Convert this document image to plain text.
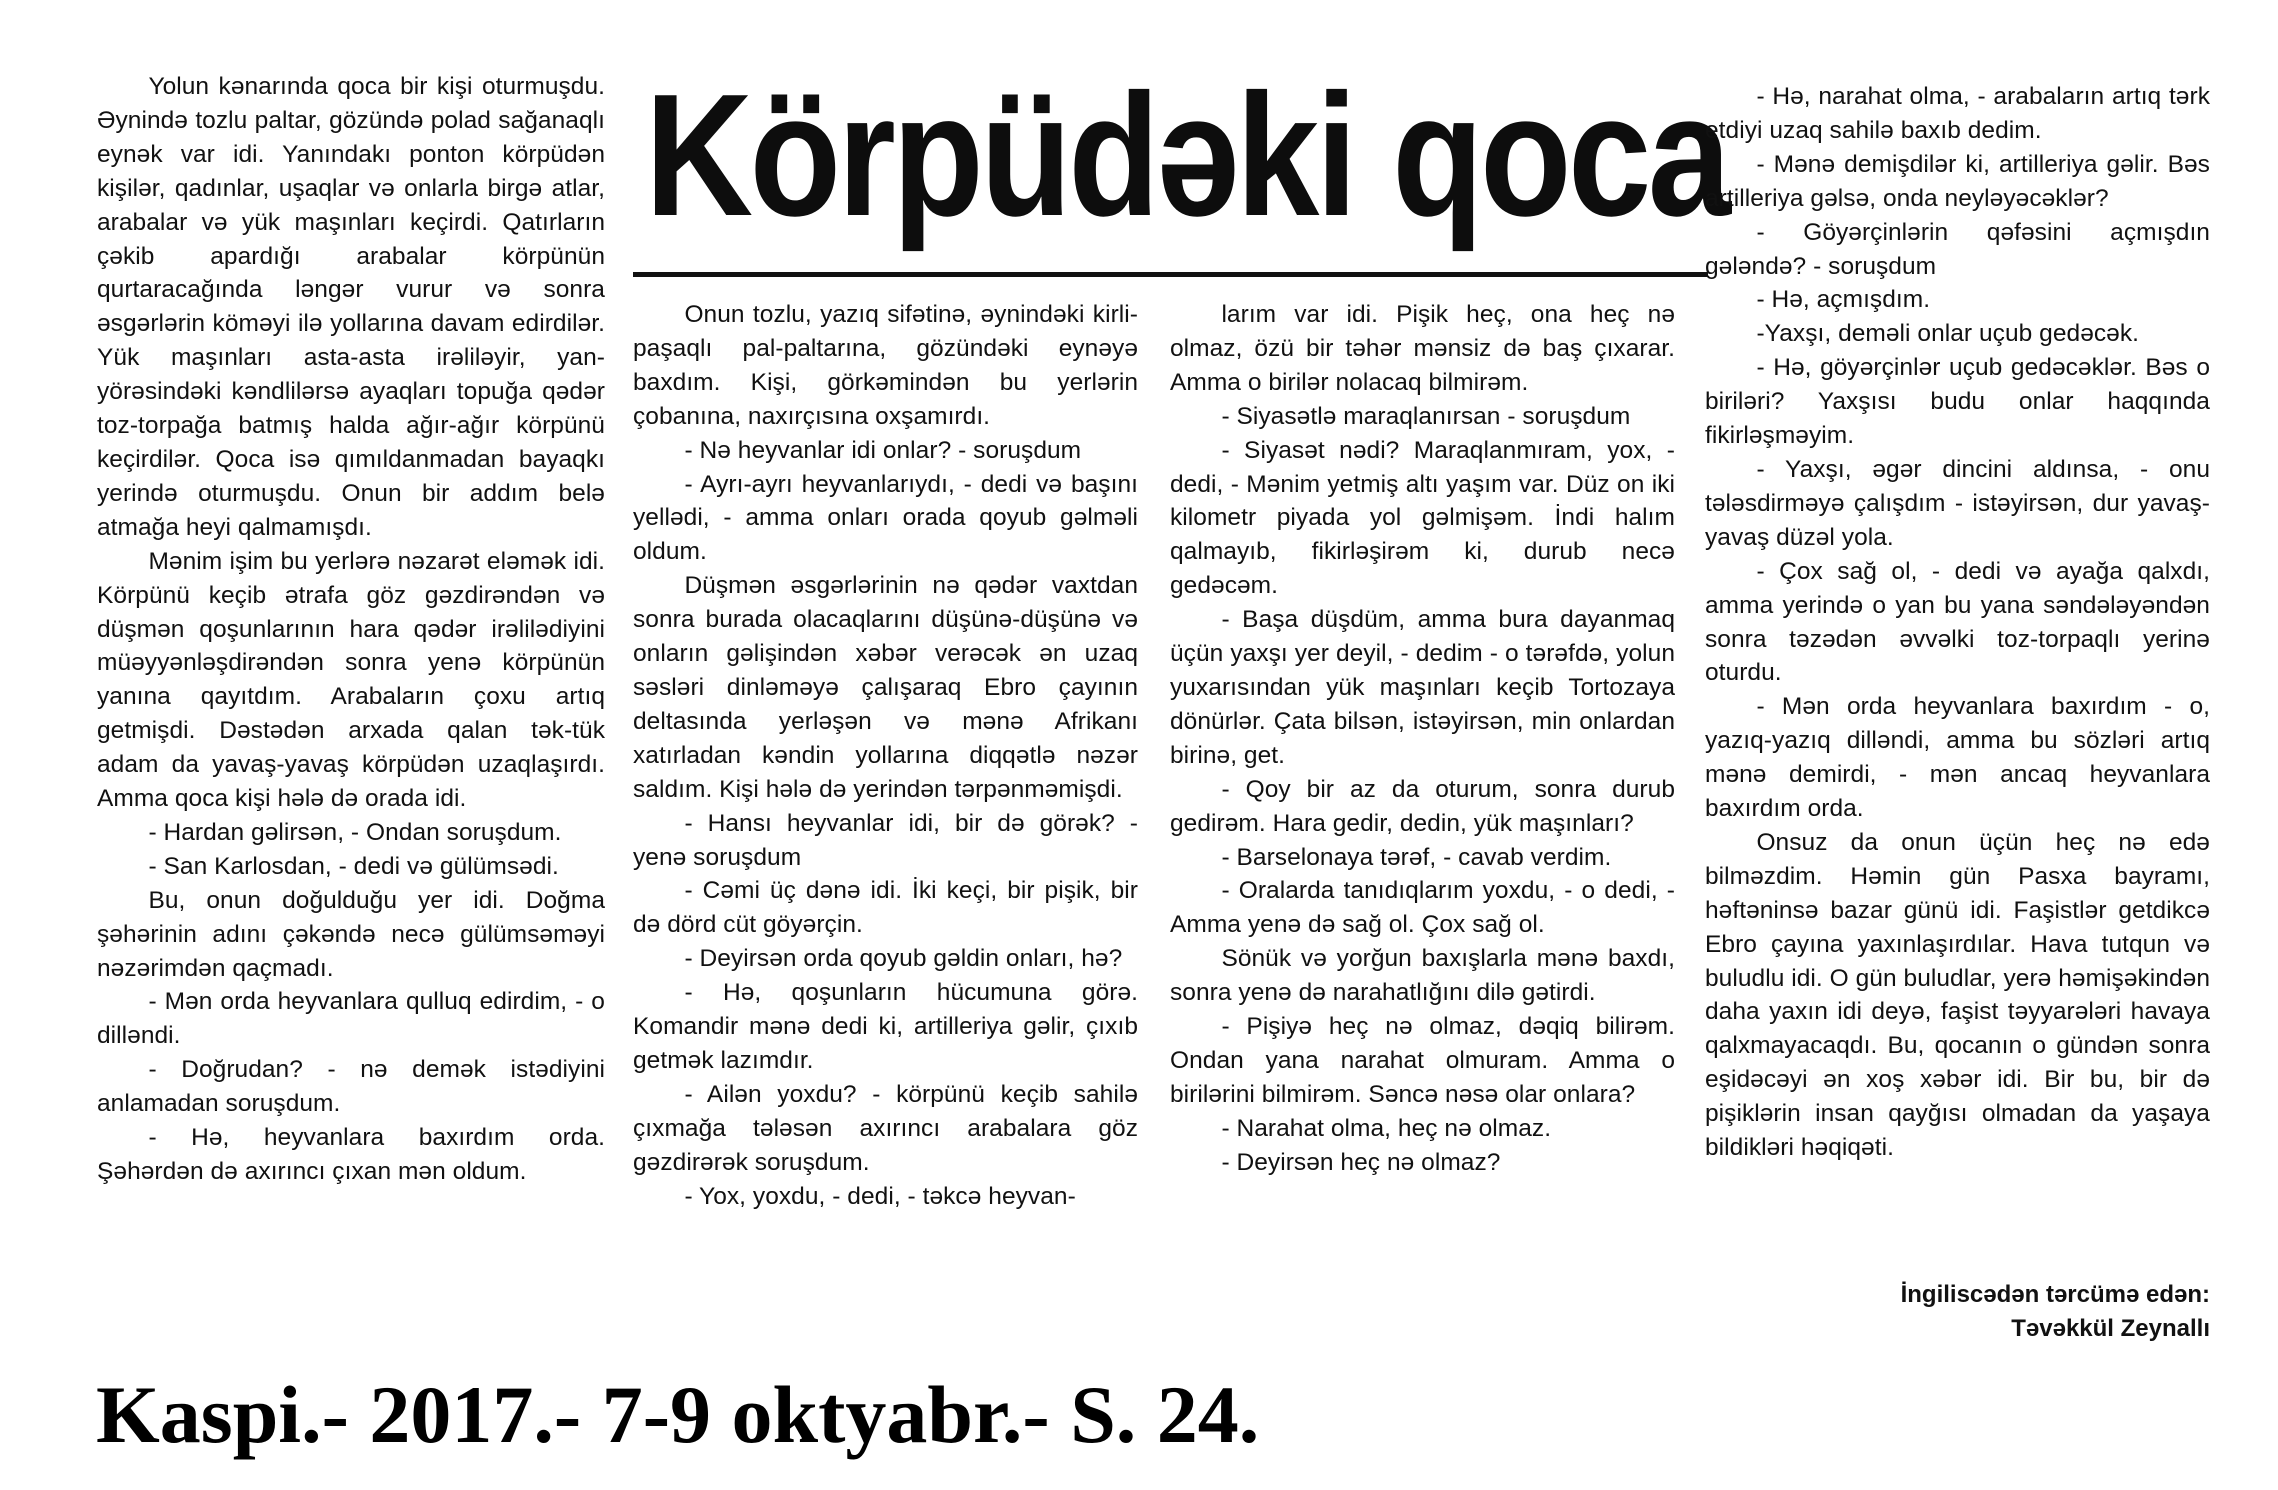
Körpüdəki qoca

Yolun kənarında qoca bir kişi oturmuşdu. Əynində tozlu paltar, gözündə polad sağanaqlı eynək var idi. Yanındakı ponton körpüdən kişilər, qadınlar, uşaqlar və onlarla birgə atlar, arabalar və yük maşınları keçirdi. Qatırların çəkib apardığı arabalar körpünün qurtaracağında ləngər vurur və sonra əsgərlərin köməyi ilə yollarına davam edirdilər. Yük maşınları asta-asta irəliləyir, yan-yörəsindəki kəndlilərsə ayaqları topuğa qədər toz-torpağa batmış halda ağır-ağır körpünü keçirdilər. Qoca isə qımıldanmadan bayaqkı yerində oturmuşdu. Onun bir addım belə atmağa heyi qalmamışdı.

Mənim işim bu yerlərə nəzarət eləmək idi. Körpünü keçib ətrafa göz gəzdirəndən və düşmən qoşunlarının hara qədər irəlilədiyini müəyyənləşdirəndən sonra yenə körpünün yanına qayıtdım. Arabaların çoxu artıq getmişdi. Dəstədən arxada qalan tək-tük adam da yavaş-yavaş körpüdən uzaqlaşırdı. Amma qoca kişi hələ də orada idi.

- Hardan gəlirsən, - Ondan soruşdum.

- San Karlosdan, - dedi və gülümsədi.

Bu, onun doğulduğu yer idi. Doğma şəhərinin adını çəkəndə necə gülümsəməyi nəzərimdən qaçmadı.

- Mən orda heyvanlara qulluq edirdim, - o dilləndi.

- Doğrudan? - nə demək istədiyini anlamadan soruşdum.

- Hə, heyvanlara baxırdım orda. Şəhərdən də axırıncı çıxan mən oldum.

Onun tozlu, yazıq sifətinə, əynindəki kirli-paşaqlı pal-paltarına, gözündəki eynəyə baxdım. Kişi, görkəmindən bu yerlərin çobanına, naxırçısına oxşamırdı.

- Nə heyvanlar idi onlar? - soruşdum

- Ayrı-ayrı heyvanlarıydı, - dedi və başını yellədi, - amma onları orada qoyub gəlməli oldum.

Düşmən əsgərlərinin nə qədər vaxtdan sonra burada olacaqlarını düşünə-düşünə və onların gəlişindən xəbər verəcək ən uzaq səsləri dinləməyə çalışaraq Ebro çayının deltasında yerləşən və mənə Afrikanı xatırladan kəndin yollarına diqqətlə nəzər saldım. Kişi hələ də yerindən tərpənməmişdi.

- Hansı heyvanlar idi, bir də görək? - yenə soruşdum

- Cəmi üç dənə idi. İki keçi, bir pişik, bir də dörd cüt göyərçin.

- Deyirsən orda qoyub gəldin onları, hə?

- Hə, qoşunların hücumuna görə. Komandir mənə dedi ki, artilleriya gəlir, çıxıb getmək lazımdır.

- Ailən yoxdu? - körpünü keçib sahilə çıxmağa tələsən axırıncı arabalara göz gəzdirərək soruşdum.

- Yox, yoxdu, - dedi, - təkcə heyvan-

larım var idi. Pişik heç, ona heç nə olmaz, özü bir təhər mənsiz də baş çıxarar. Amma o birilər nolacaq bilmirəm.

- Siyasətlə maraqlanırsan - soruşdum

- Siyasət nədi? Maraqlanmıram, yox, - dedi, - Mənim yetmiş altı yaşım var. Düz on iki kilometr piyada yol gəlmişəm. İndi halım qalmayıb, fikirləşirəm ki, durub necə gedəcəm.

- Başa düşdüm, amma bura dayanmaq üçün yaxşı yer deyil, - dedim - o tərəfdə, yolun yuxarısından yük maşınları keçib Tortozaya dönürlər. Çata bilsən, istəyirsən, min onlardan birinə, get.

- Qoy bir az da oturum, sonra durub gedirəm. Hara gedir, dedin, yük maşınları?

- Barselonaya tərəf, - cavab verdim.

- Oralarda tanıdıqlarım yoxdu, - o dedi, - Amma yenə də sağ ol. Çox sağ ol.

Sönük və yorğun baxışlarla mənə baxdı, sonra yenə də narahatlığını dilə gətirdi.

- Pişiyə heç nə olmaz, dəqiq bilirəm. Ondan yana narahat olmuram. Amma o birilərini bilmirəm. Səncə nəsə olar onlara?

- Narahat olma, heç nə olmaz.

- Deyirsən heç nə olmaz?

- Hə, narahat olma, - arabaların artıq tərk etdiyi uzaq sahilə baxıb dedim.

- Mənə demişdilər ki, artilleriya gəlir. Bəs artilleriya gəlsə, onda neyləyəcəklər?

- Göyərçinlərin qəfəsini açmışdın gələndə? - soruşdum

- Hə, açmışdım.

-Yaxşı, deməli onlar uçub gedəcək.

- Hə, göyərçinlər uçub gedəcəklər. Bəs o biriləri? Yaxşısı budu onlar haqqında fikirləşməyim.

- Yaxşı, əgər dincini aldınsa, - onu tələsdirməyə çalışdım - istəyirsən, dur yavaş-yavaş düzəl yola.

- Çox sağ ol, - dedi və ayağa qalxdı, amma yerində o yan bu yana səndələyəndən sonra təzədən əvvəlki toz-torpaqlı yerinə oturdu.

- Mən orda heyvanlara baxırdım - o, yazıq-yazıq dilləndi, amma bu sözləri artıq mənə demirdi, - mən ancaq heyvanlara baxırdım orda.

Onsuz da onun üçün heç nə edə bilməzdim. Həmin gün Pasxa bayramı, həftəninsə bazar günü idi. Faşistlər getdikcə Ebro çayına yaxınlaşırdılar. Hava tutqun və buludlu idi. O gün buludlar, yerə həmişəkindən daha yaxın idi deyə, faşist təyyarələri havaya qalxmayacaqdı. Bu, qocanın o gündən sonra eşidəcəyi ən xoş xəbər idi. Bir bu, bir də pişiklərin insan qayğısı olmadan da yaşaya bildikləri həqiqəti.

İngiliscədən tərcümə edən:
Təvəkkül Zeynallı
Kaspi.- 2017.- 7-9 oktyabr.- S. 24.
